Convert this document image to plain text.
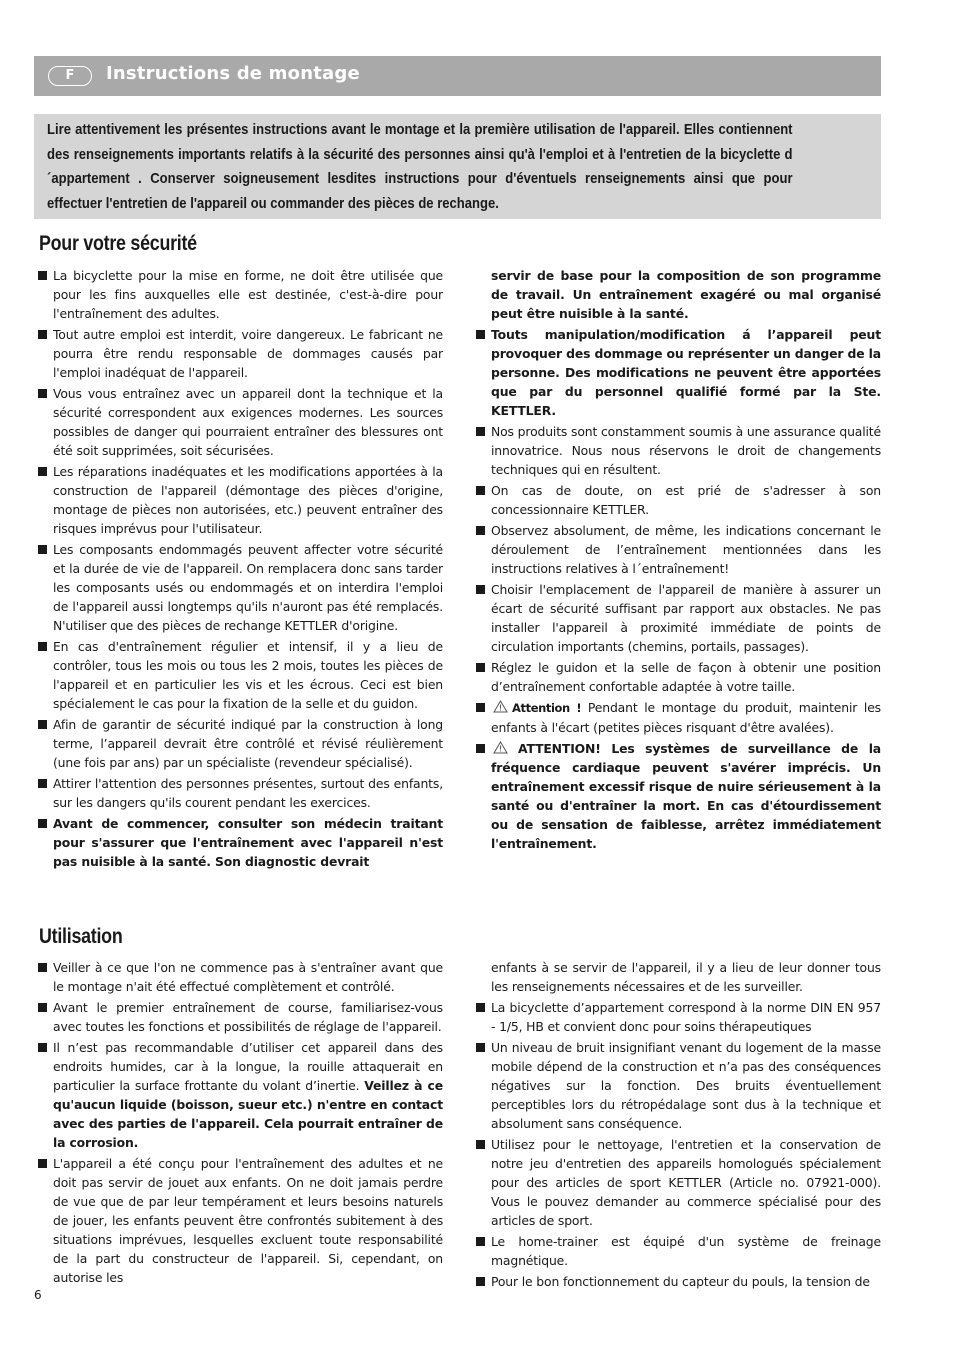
F	Instructions de montage

Lire attentivement les présentes instructions avant le montage et la première utilisation de l'appareil. Elles contiennent des renseignements importants relatifs à la sécurité des personnes ainsi qu'à l'emploi et à l'entretien de la bicyclette d´appartement . Conserver soigneusement lesdites instructions pour d'éventuels renseignements ainsi que pour effectuer l'entretien de l'appareil ou commander des pièces de rechange.

Pour votre sécurité

La bicyclette pour la mise en forme, ne doit être utilisée que pour les fins auxquelles elle est destinée, c'est-à-dire pour l'entraînement des adultes.

Tout autre emploi est interdit, voire dangereux. Le fabricant ne pourra être rendu responsable de dommages causés par l'emploi inadéquat de l'appareil.

Vous vous entraînez avec un appareil dont la technique et la sécurité correspondent aux exigences modernes. Les sources possibles de danger qui pourraient entraîner des blessures ont été soit supprimées, soit sécurisées.

Les réparations inadéquates et les modifications apportées à la construction de l'appareil (démontage des pièces d'origine, montage de pièces non autorisées, etc.) peuvent entraîner des risques imprévus pour l'utilisateur.

Les composants endommagés peuvent affecter votre sécurité et la durée de vie de l'appareil. On remplacera donc sans tarder les composants usés ou endommagés et on interdira l'emploi de l'appareil aussi longtemps qu'ils n'auront pas été remplacés. N'utiliser que des pièces de rechange KETTLER d'origine.

En cas d'entraînement régulier et intensif, il y a lieu de contrôler, tous les mois ou tous les 2 mois, toutes les pièces de l'appareil et en particulier les vis et les écrous. Ceci est bien spécialement le cas pour la fixation de la selle et du guidon.

Afin de garantir de sécurité indiqué par la construction à long terme, l’appareil devrait être contrôlé et révisé réulièrement (une fois par ans) par un spécialiste (revendeur spécialisé).

Attirer l'attention des personnes présentes, surtout des enfants, sur les dangers qu'ils courent pendant les exercices.

Avant de commencer, consulter son médecin traitant pour s'assurer que l'entraînement avec l'appareil n'est pas nuisible à la santé. Son diagnostic devrait

servir de base pour la composition de son programme de travail. Un entraînement exagéré ou mal organisé peut être nuisible à la santé.

Touts manipulation/modification á l’appareil peut provoquer des dommage ou représenter un danger de la personne. Des modifications ne peuvent être apportées que par du personnel qualifié formé par la Ste. KETTLER.

Nos produits sont constamment soumis à une assurance qualité innovatrice. Nous nous réservons le droit de changements techniques qui en résultent.

On cas de doute, on est prié de s'adresser à son concessionnaire KETTLER.

Observez absolument, de même, les indications concernant le déroulement de l’entraînement mentionnées dans les instructions relatives à l´entraînement!

Choisir l'emplacement de l'appareil de manière à assurer un écart de sécurité suffisant par rapport aux obstacles. Ne pas installer l'appareil à proximité immédiate de points de circulation importants (chemins, portails, passages).

Réglez le guidon et la selle de façon à obtenir une position d’entraînement confortable adaptée à votre taille.

Attention ! Pendant le montage du produit, maintenir les enfants à l'écart (petites pièces risquant d'être avalées).

ATTENTION! Les systèmes de surveillance de la fréquence cardiaque peuvent s'avérer imprécis. Un entraînement excessif risque de nuire sérieusement à la santé ou d'entraîner la mort. En cas d'étourdissement ou de sensation de faiblesse, arrêtez immédiatement l'entraînement.

Utilisation

Veiller à ce que l'on ne commence pas à s'entraîner avant que le montage n'ait été effectué complètement et contrôlé.

Avant le premier entraînement de course, familiarisez-vous avec toutes les fonctions et possibilités de réglage de l'appareil.

Il n’est pas recommandable d’utiliser cet appareil dans des endroits humides, car à la longue, la rouille attaquerait en particulier la surface frottante du volant d’inertie. Veillez à ce qu'aucun liquide (boisson, sueur etc.) n'entre en contact avec des parties de l'appareil. Cela pourrait entraîner de la corrosion.

L'appareil a été conçu pour l'entraînement des adultes et ne doit pas servir de jouet aux enfants. On ne doit jamais perdre de vue que de par leur tempérament et leurs besoins naturels de jouer, les enfants peuvent être confrontés subitement à des situations imprévues, lesquelles excluent toute responsabilité de la part du constructeur de l'appareil. Si, cependant, on autorise les

enfants à se servir de l'appareil, il y a lieu de leur donner tous les renseignements nécessaires et de les surveiller.

La bicyclette d’appartement correspond à la norme DIN EN 957 - 1/5, HB et convient donc pour soins thérapeutiques

Un niveau de bruit insignifiant venant du logement de la masse mobile dépend de la construction et n’a pas des conséquences négatives sur la fonction. Des bruits éventuellement perceptibles lors du rétropédalage sont dus à la technique et absolument sans conséquence.

Utilisez pour le nettoyage, l'entretien et la conservation de notre jeu d'entretien des appareils homologués spécialement pour des articles de sport KETTLER (Article no. 07921-000). Vous le pouvez demander au commerce spécialisé pour des articles de sport.

Le home-trainer est équipé d'un système de freinage magnétique.

Pour le bon fonctionnement du capteur du pouls, la tension de

6
